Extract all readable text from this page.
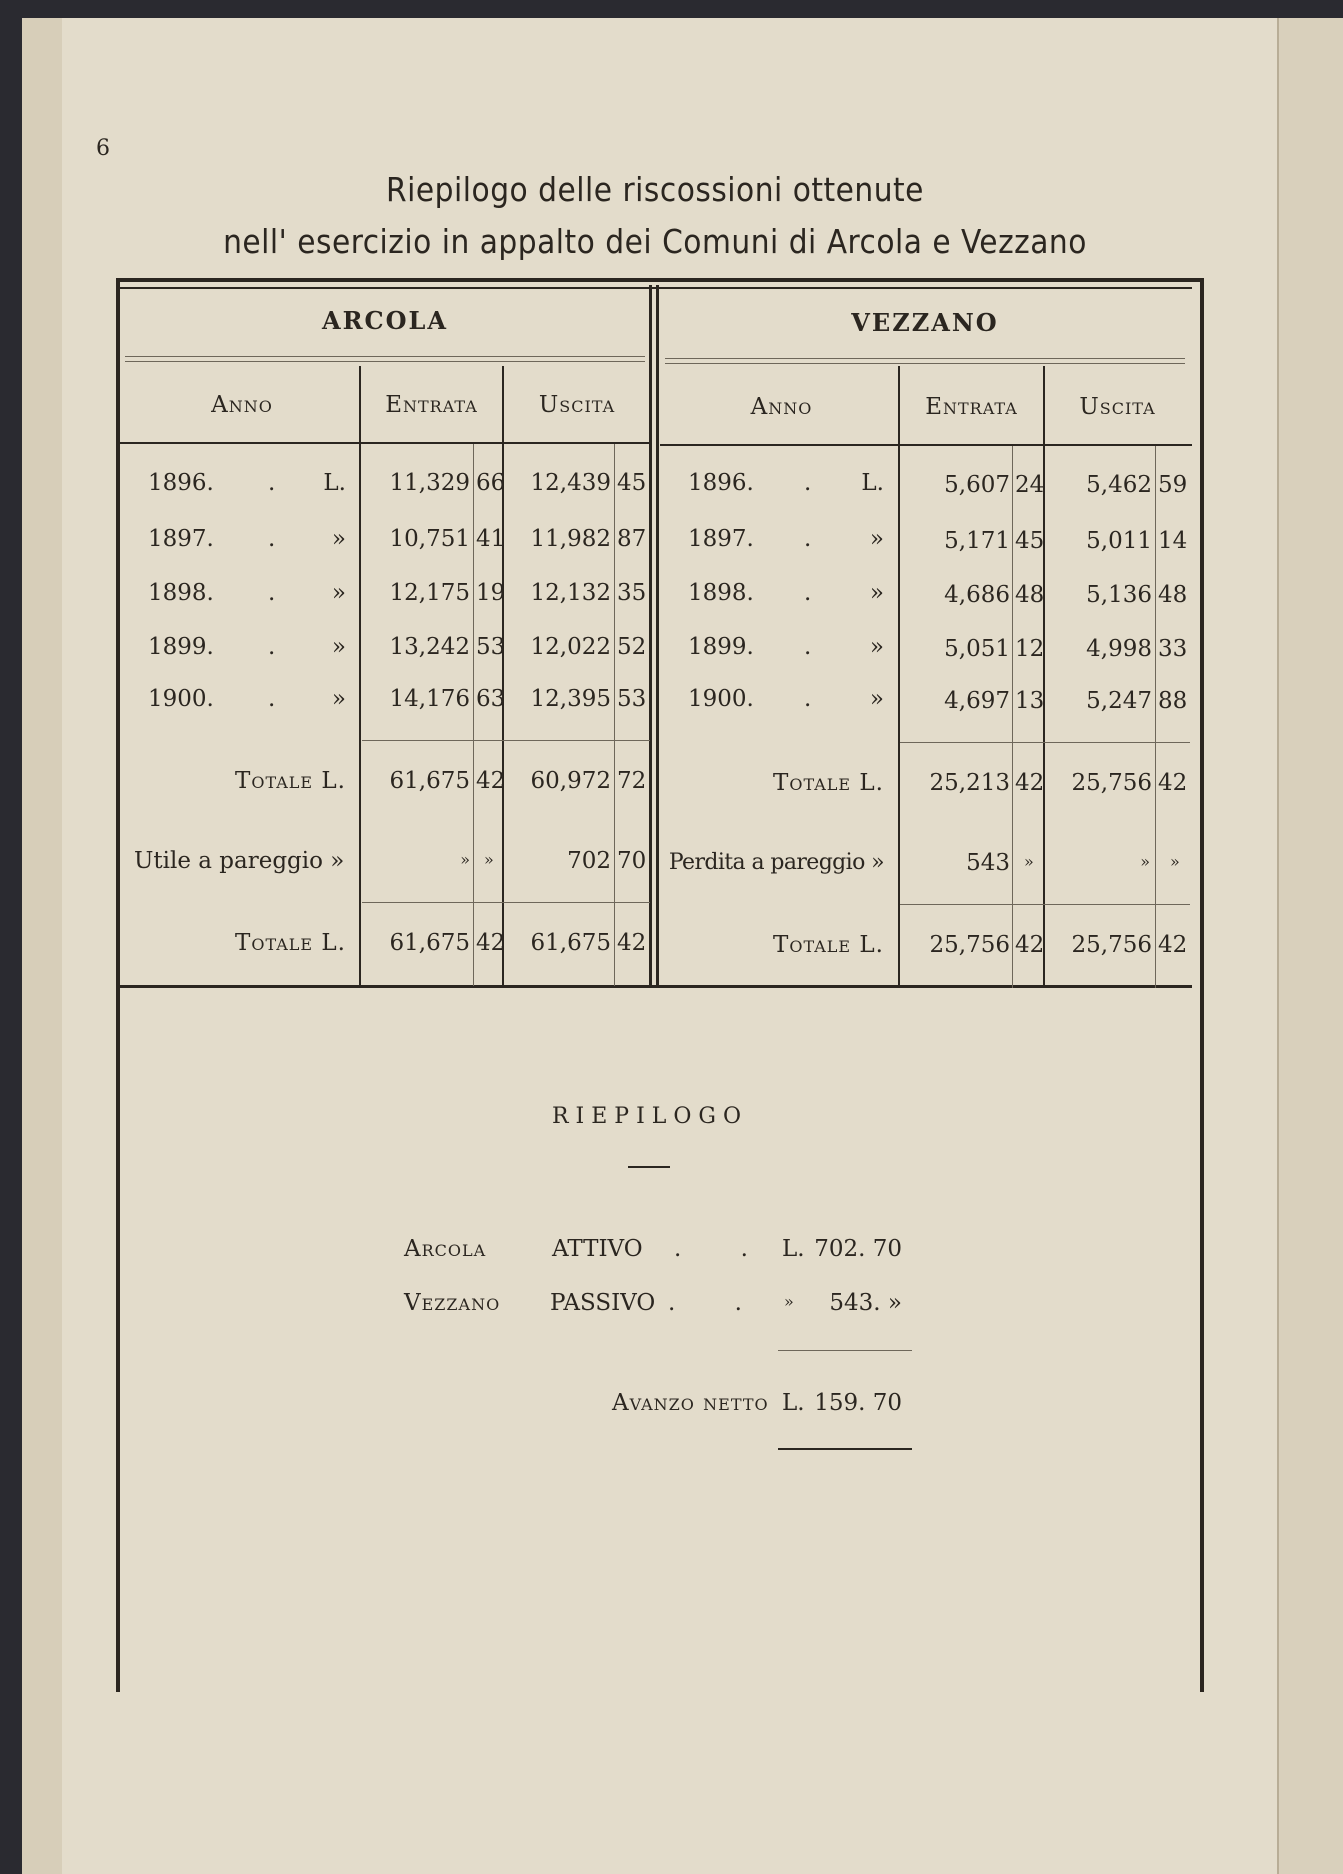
6
Riepilogo delle riscossioni ottenute
nell' esercizio in appalto dei Comuni di Arcola e Vezzano
ARCOLA
Anno	Entrata	Uscita
VEZZANO
Anno	Entrata	Uscita
1896. .	L.	11,329 66	12,439 45
1897. .	»	10,751 41	11,982 87
1898. .	»	12,175 19	12,132 35
1899. .	»	13,242 53	12,022 52
1900. .	»	14,176 63	12,395 53
Totale L.	61,675 42	60,972 72
Utile a pareggio »	» »	702 70
Totale L.	61,675 42	61,675 42
1896. .	L.	5,607 24	5,462 59
1897. .	»	5,171 45	5,011 14
1898. .	»	4,686 48	5,136 48
1899. .	»	5,051 12	4,998 33
1900. .	»	4,697 13	5,247 88
Totale L.	25,213 42	25,756 42
Perdita a pareggio »	543 »	» »
Totale L.	25,756 42	25,756 42
RIEPILOGO
Arcola	ATTIVO . . L. 702. 70
Vezzano PASSIVO . . »	543. »
Avanzo netto L. 159. 70
